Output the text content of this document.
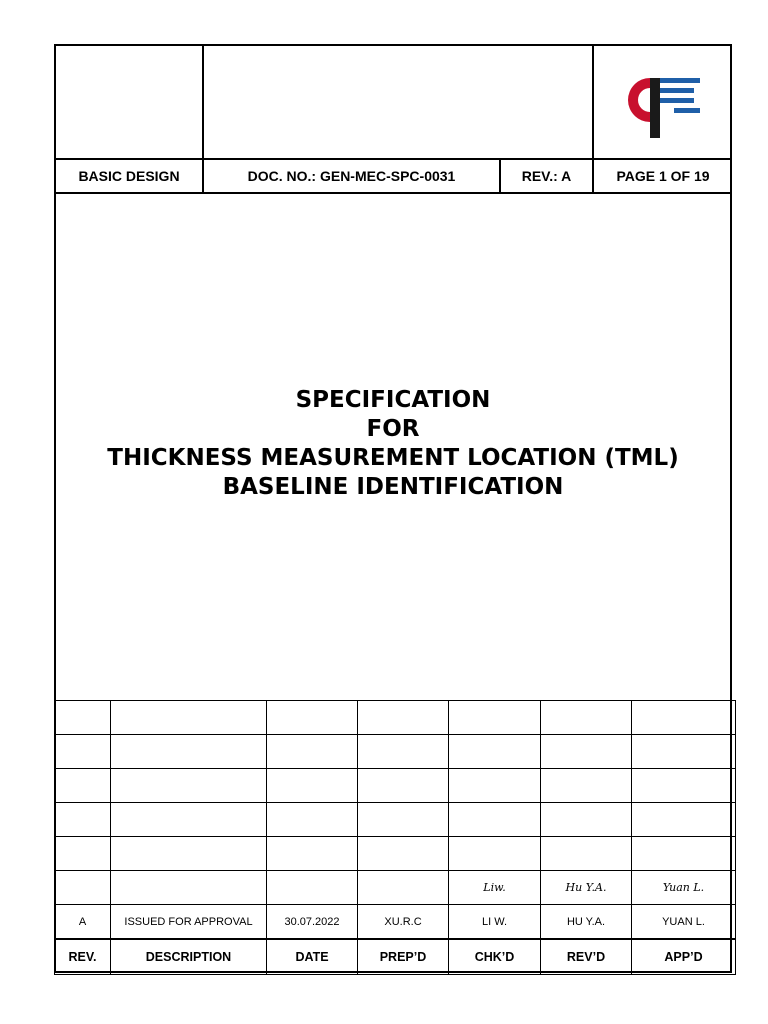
BASIC DESIGN	DOC. NO.: GEN-MEC-SPC-0031	REV.: A	PAGE 1 OF 19
SPECIFICATION
FOR
THICKNESS MEASUREMENT LOCATION (TML)
BASELINE IDENTIFICATION

				Liw.	Hu Y.A.	Yuan L.
A	ISSUED FOR APPROVAL	30.07.2022	XU.R.C	LI W.	HU Y.A.	YUAN L.
REV.	DESCRIPTION	DATE	PREP’D	CHK’D	REV’D	APP’D
